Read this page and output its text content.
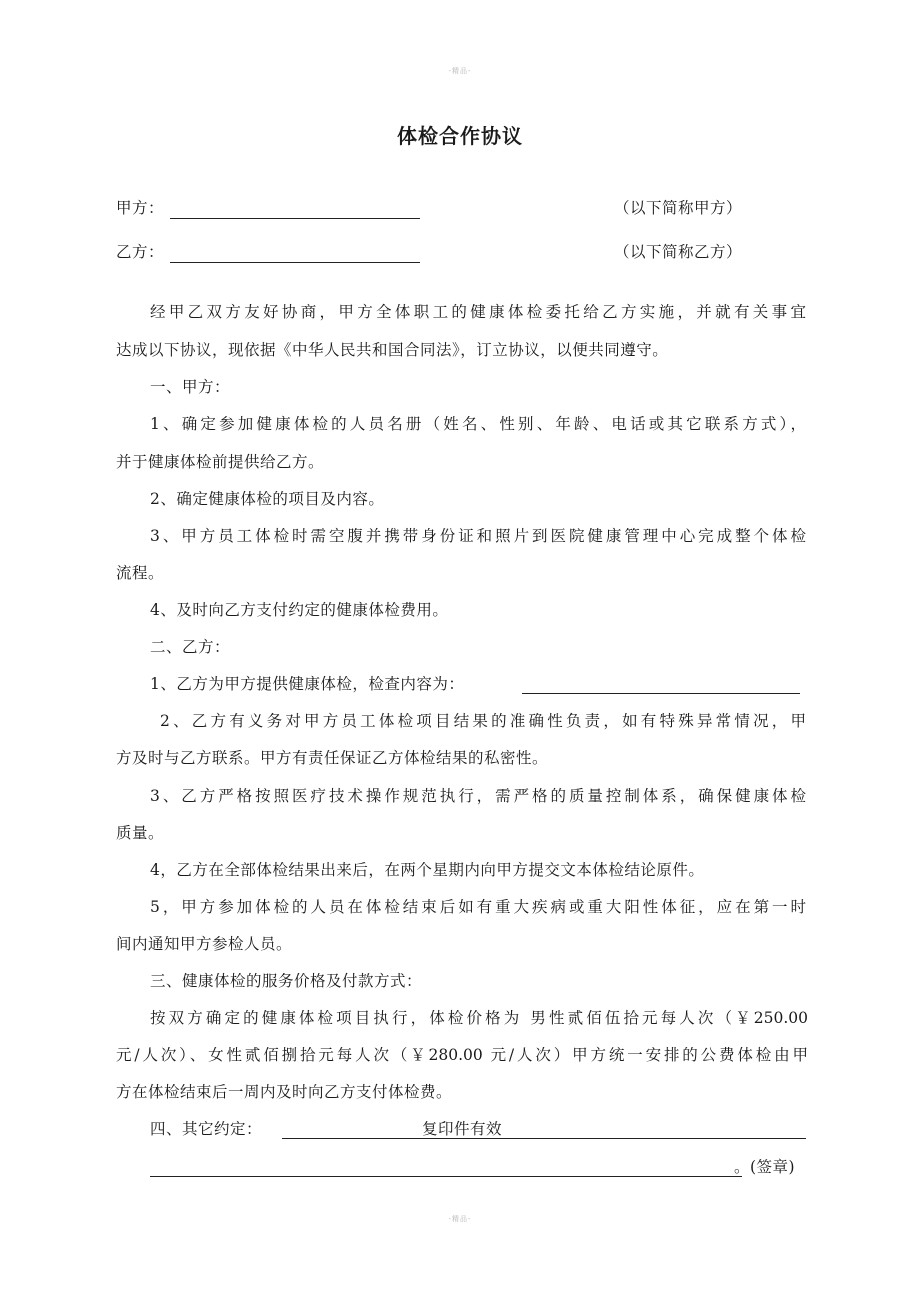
-精品-
体检合作协议
甲方：	（以下简称甲方）
乙方：	（以下简称乙方）
经甲乙双方友好协商，甲方全体职工的健康体检委托给乙方实施，并就有关事宜
达成以下协议，现依据《中华人民共和国合同法》，订立协议，以便共同遵守。
一、甲方：
1、确定参加健康体检的人员名册（姓名、性别、年龄、电话或其它联系方式），
并于健康体检前提供给乙方。
2、确定健康体检的项目及内容。
3、甲方员工体检时需空腹并携带身份证和照片到医院健康管理中心完成整个体检
流程。
4、及时向乙方支付约定的健康体检费用。
二、乙方：
1、乙方为甲方提供健康体检，检查内容为：
2、乙方有义务对甲方员工体检项目结果的准确性负责，如有特殊异常情况，甲
方及时与乙方联系。甲方有责任保证乙方体检结果的私密性。
3、乙方严格按照医疗技术操作规范执行，需严格的质量控制体系，确保健康体检
质量。
4，乙方在全部体检结果出来后，在两个星期内向甲方提交文本体检结论原件。
5，甲方参加体检的人员在体检结束后如有重大疾病或重大阳性体征，应在第一时
间内通知甲方参检人员。
三、健康体检的服务价格及付款方式：
按双方确定的健康体检项目执行，体检价格为 男性贰佰伍拾元每人次（￥250.00
元/人次）、女性贰佰捌拾元每人次（￥280.00 元/人次）甲方统一安排的公费体检由甲
方在体检结束后一周内及时向乙方支付体检费。
四、其它约定：	复印件有效
。(签章)
-精品-
